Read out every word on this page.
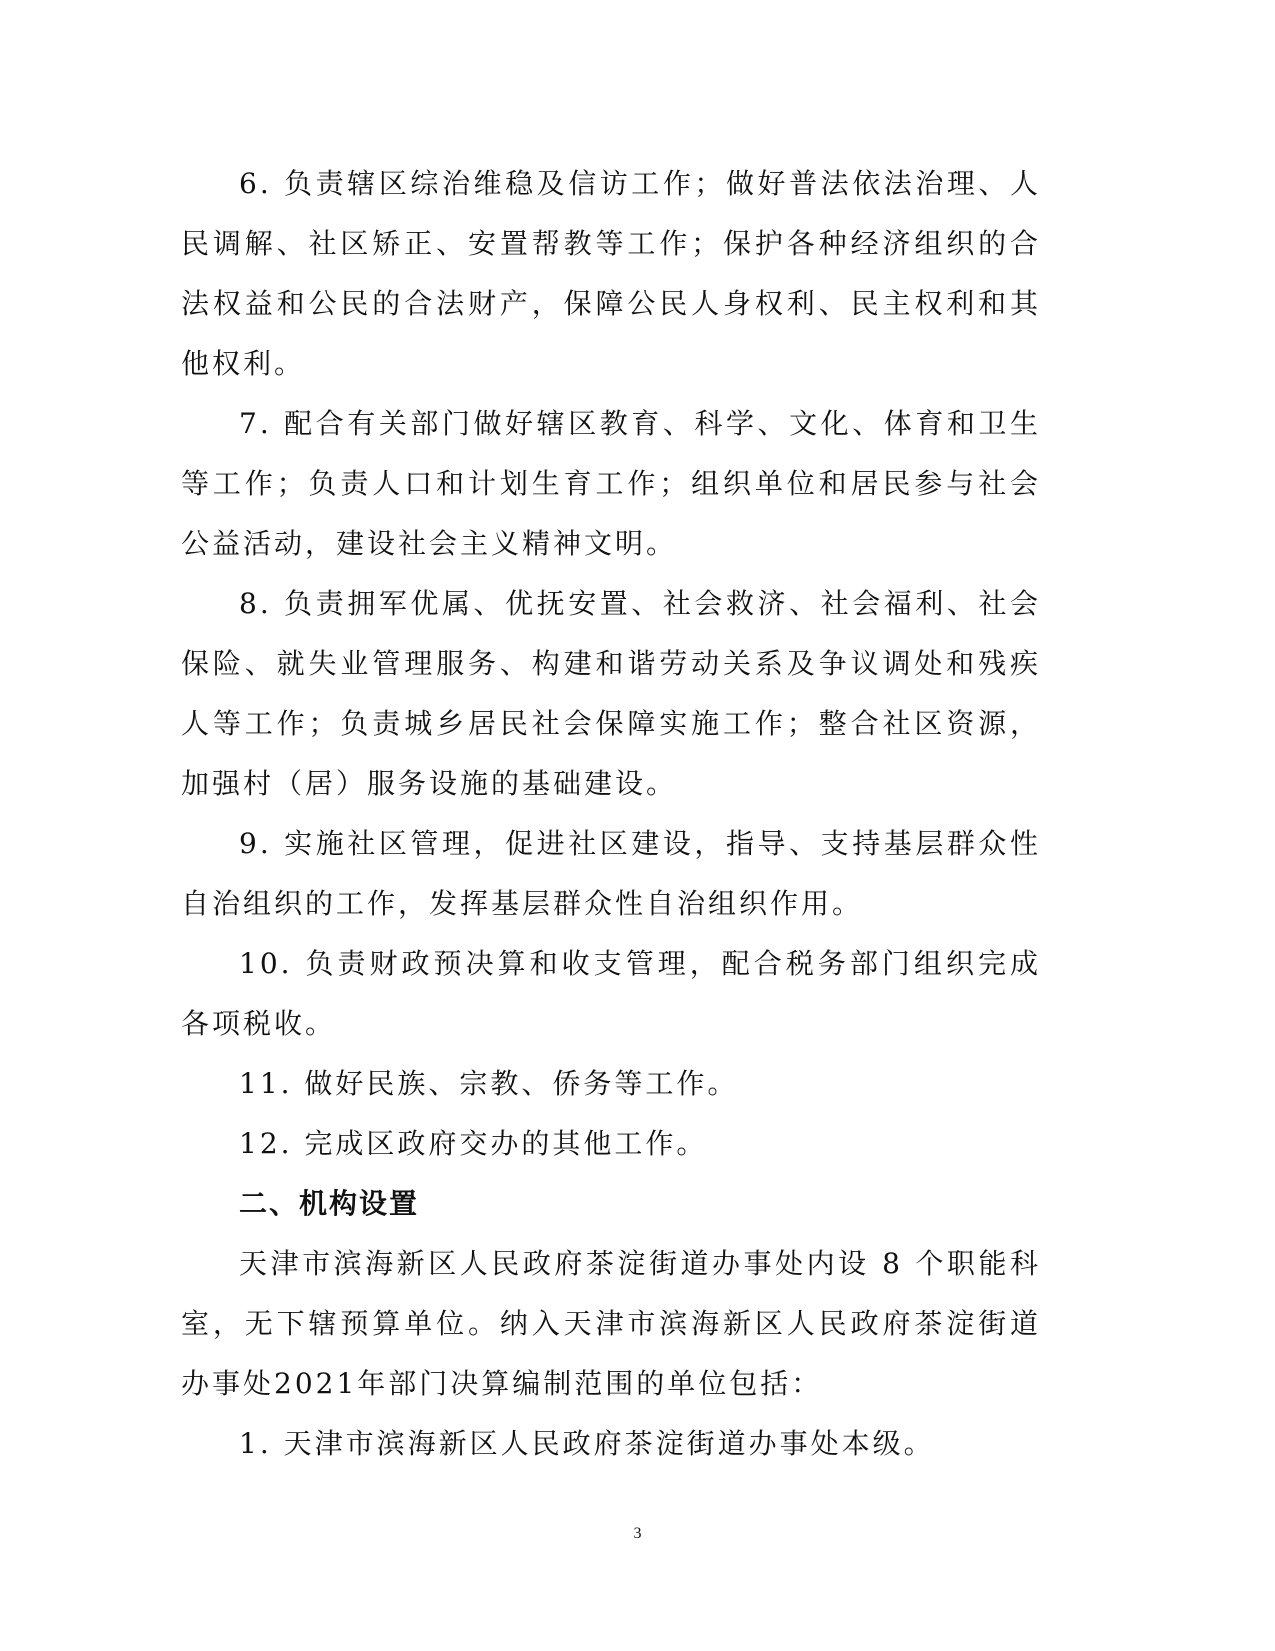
6. 负责辖区综治维稳及信访工作；做好普法依法治理、人民调解、社区矫正、安置帮教等工作；保护各种经济组织的合法权益和公民的合法财产，保障公民人身权利、民主权利和其他权利。

7. 配合有关部门做好辖区教育、科学、文化、体育和卫生等工作；负责人口和计划生育工作；组织单位和居民参与社会公益活动，建设社会主义精神文明。

8. 负责拥军优属、优抚安置、社会救济、社会福利、社会保险、就失业管理服务、构建和谐劳动关系及争议调处和残疾人等工作；负责城乡居民社会保障实施工作；整合社区资源，加强村（居）服务设施的基础建设。

9. 实施社区管理，促进社区建设，指导、支持基层群众性自治组织的工作，发挥基层群众性自治组织作用。

10. 负责财政预决算和收支管理，配合税务部门组织完成各项税收。

11. 做好民族、宗教、侨务等工作。

12. 完成区政府交办的其他工作。

二、机构设置

天津市滨海新区人民政府茶淀街道办事处内设 8 个职能科室，无下辖预算单位。纳入天津市滨海新区人民政府茶淀街道办事处2021年部门决算编制范围的单位包括：

1. 天津市滨海新区人民政府茶淀街道办事处本级。

3
